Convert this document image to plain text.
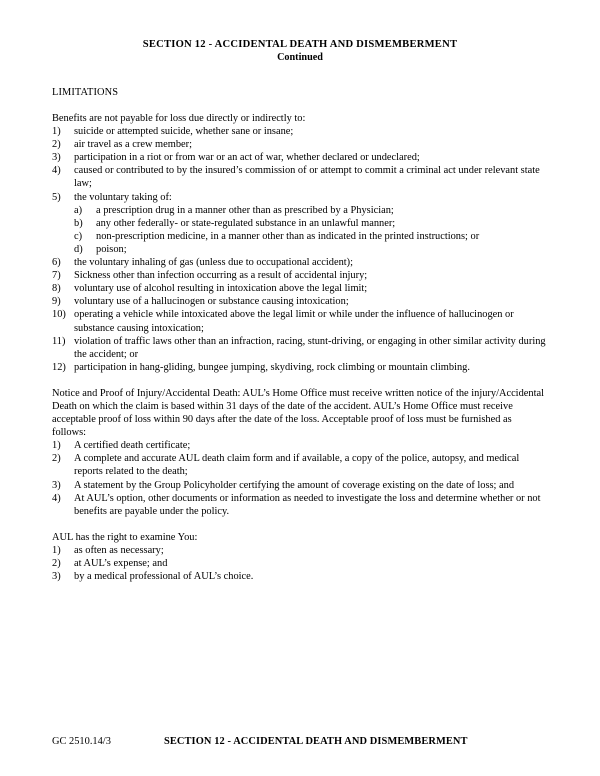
SECTION 12 - ACCIDENTAL DEATH AND DISMEMBERMENT
Continued
LIMITATIONS

Benefits are not payable for loss due directly or indirectly to:

1)	suicide or attempted suicide, whether sane or insane;
2)	air travel as a crew member;
3)	participation in a riot or from war or an act of war, whether declared or undeclared;
4)	caused or contributed to by the insured’s commission of or attempt to commit a criminal act under relevant state law;
5)	the voluntary taking of:
a)	a prescription drug in a manner other than as prescribed by a Physician;
b)	any other federally- or state-regulated substance in an unlawful manner;
c)	non-prescription medicine, in a manner other than as indicated in the printed instructions; or
d)	poison;
6)	the voluntary inhaling of gas (unless due to occupational accident);
7)	Sickness other than infection occurring as a result of accidental injury;
8)	voluntary use of alcohol resulting in intoxication above the legal limit;
9)	voluntary use of a hallucinogen or substance causing intoxication;
10) operating a vehicle while intoxicated above the legal limit or while under the influence of hallucinogen or substance causing intoxication;
11) violation of traffic laws other than an infraction, racing, stunt-driving, or engaging in other similar activity during the accident; or
12) participation in hang-gliding, bungee jumping, skydiving, rock climbing or mountain climbing.

Notice and Proof of Injury/Accidental Death: AUL’s Home Office must receive written notice of the injury/Accidental Death on which the claim is based within 31 days of the date of the accident. AUL’s Home Office must receive acceptable proof of loss within 90 days after the date of the loss. Acceptable proof of loss must be furnished as follows:

1)	A certified death certificate;
2)	A complete and accurate AUL death claim form and if available, a copy of the police, autopsy, and medical reports related to the death;
3)	A statement by the Group Policyholder certifying the amount of coverage existing on the date of loss; and
4)	At AUL’s option, other documents or information as needed to investigate the loss and determine whether or not benefits are payable under the policy.

AUL has the right to examine You:

1)	as often as necessary;
2)	at AUL’s expense; and
3)	by a medical professional of AUL’s choice.
GC 2510.14/3	SECTION 12 - ACCIDENTAL DEATH AND DISMEMBERMENT
